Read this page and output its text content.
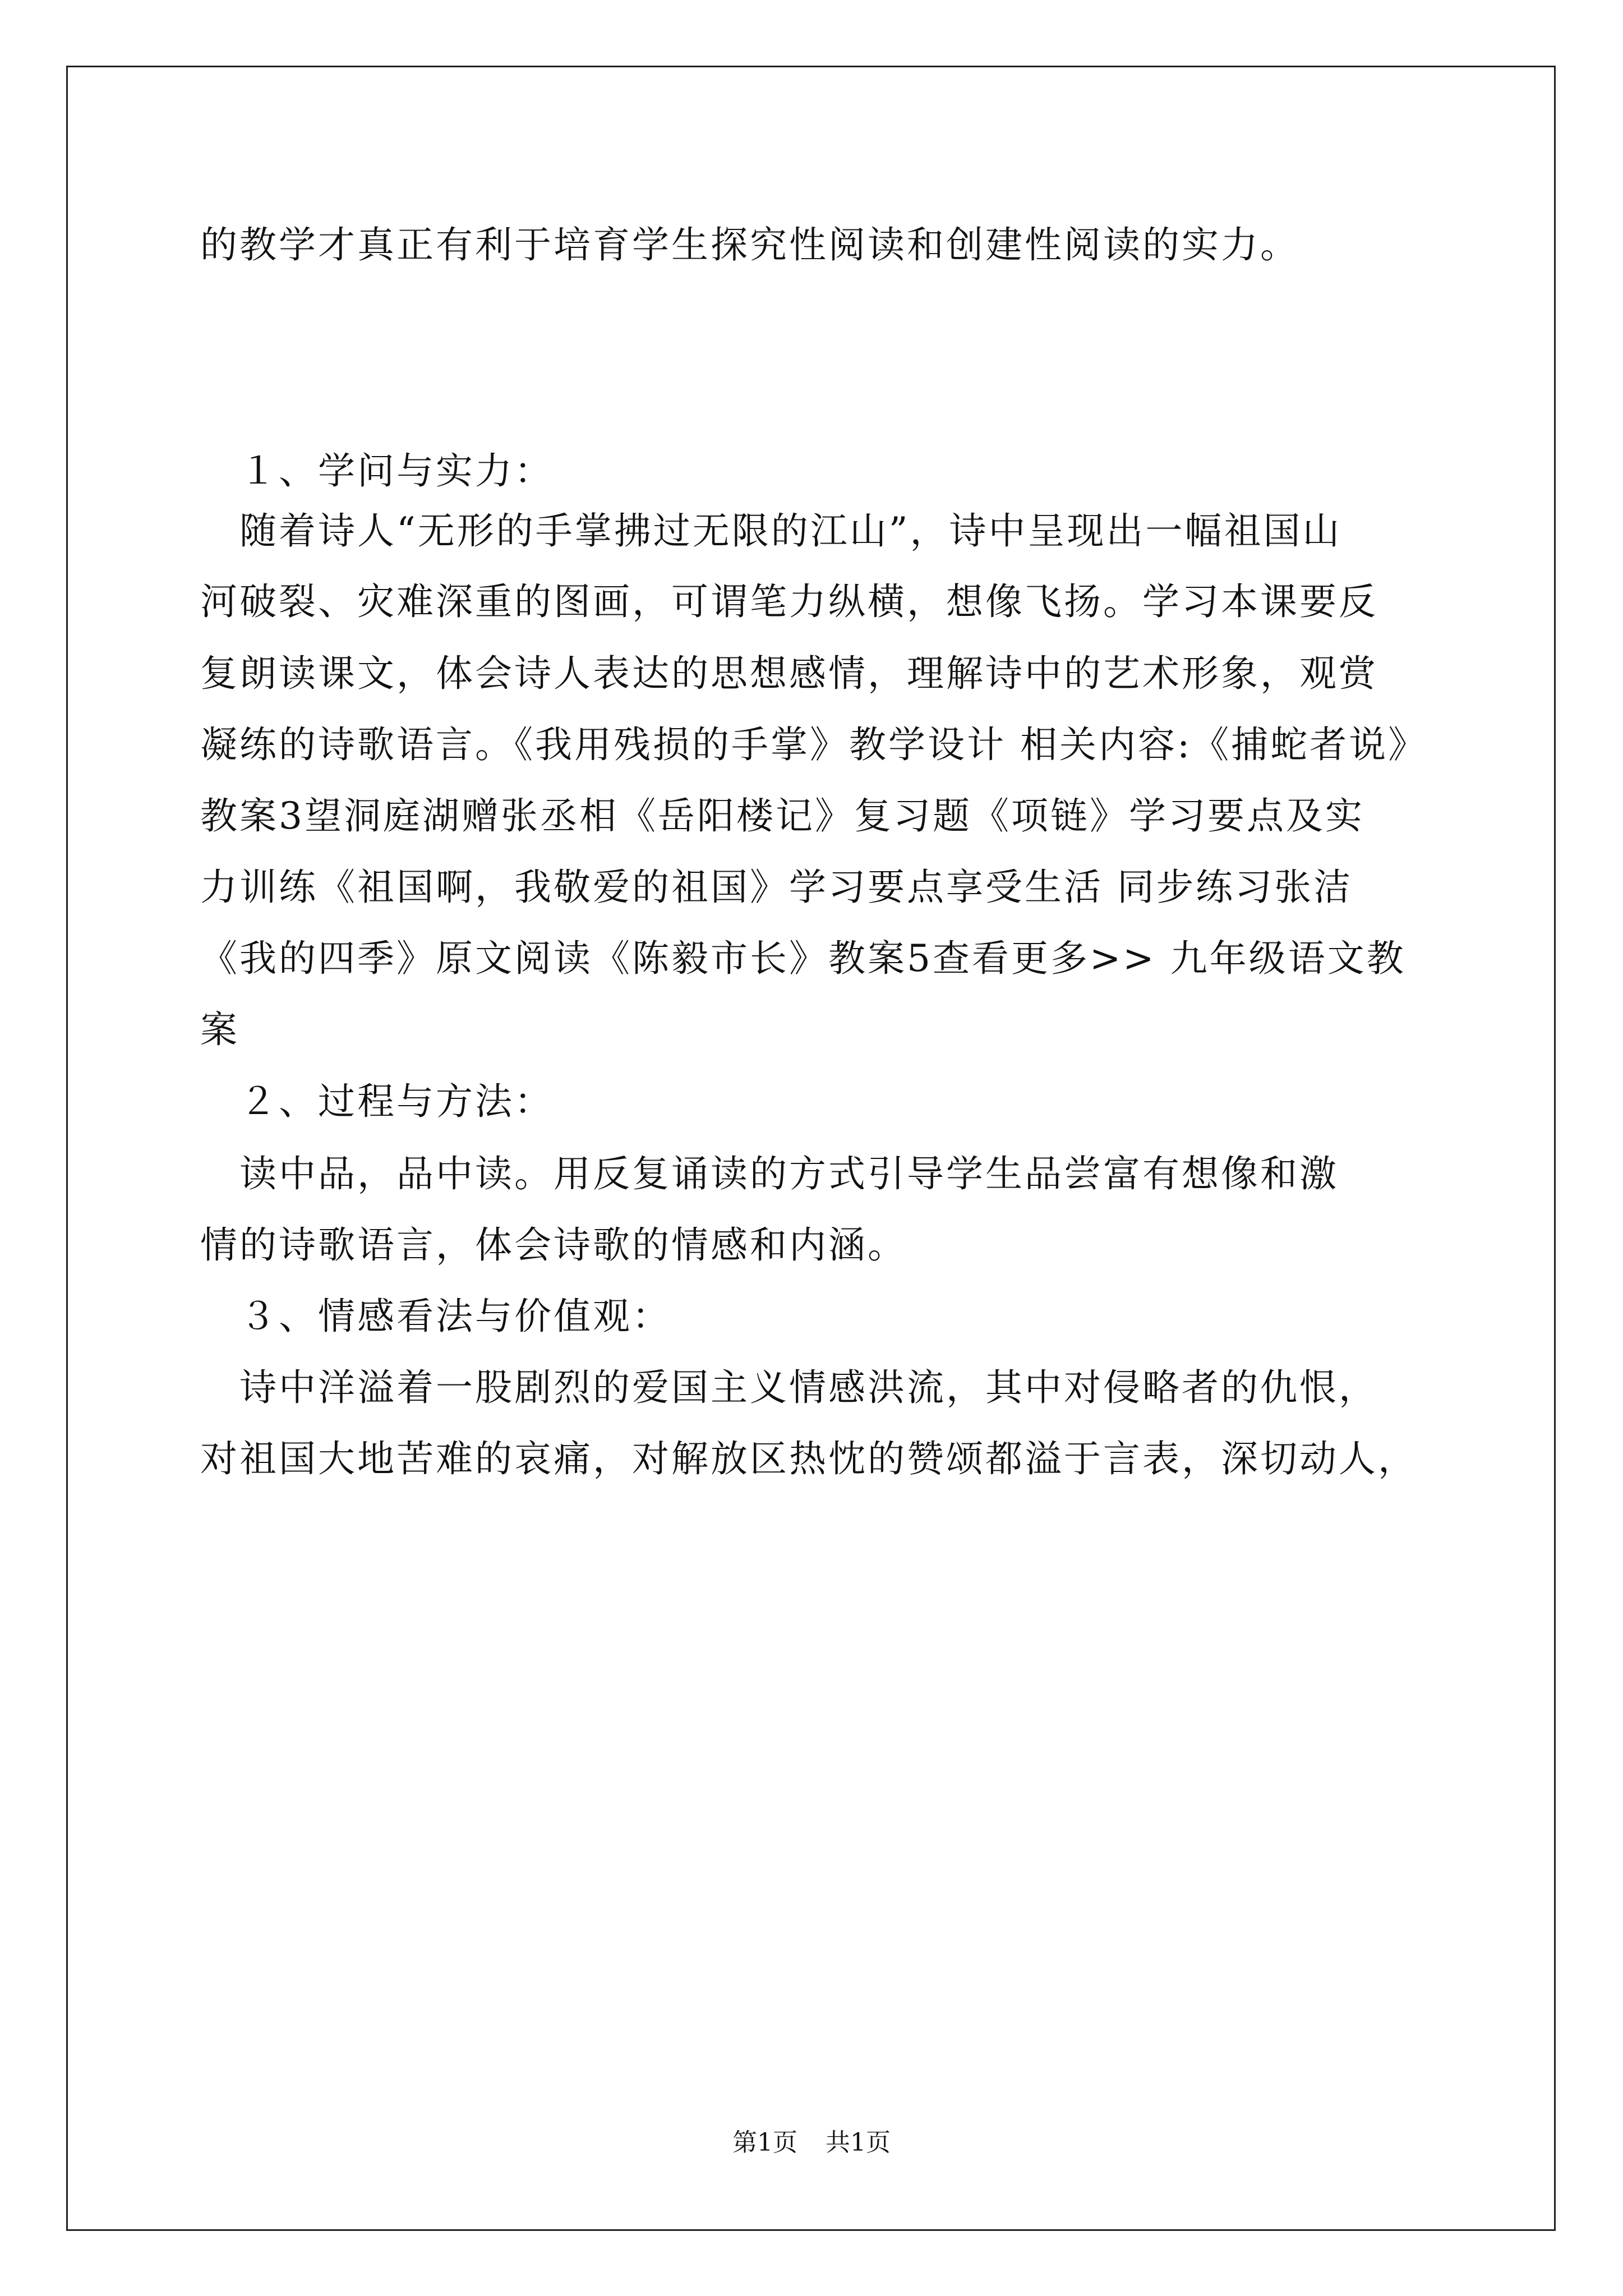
的教学才真正有利于培育学生探究性阅读和创建性阅读的实力。
　１、学问与实力：
　随着诗人“无形的手掌拂过无限的江山”，诗中呈现出一幅祖国山
河破裂、灾难深重的图画，可谓笔力纵横，想像飞扬。学习本课要反
复朗读课文，体会诗人表达的思想感情，理解诗中的艺术形象，观赏
凝练的诗歌语言。《我用残损的手掌》教学设计 相关内容:《捕蛇者说》
教案3望洞庭湖赠张丞相《岳阳楼记》复习题《项链》学习要点及实
力训练《祖国啊，我敬爱的祖国》学习要点享受生活 同步练习张洁
《我的四季》原文阅读《陈毅市长》教案5查看更多>> 九年级语文教
案
　２、过程与方法：
　读中品，品中读。用反复诵读的方式引导学生品尝富有想像和激
情的诗歌语言，体会诗歌的情感和内涵。
　３、情感看法与价值观：
　诗中洋溢着一股剧烈的爱国主义情感洪流，其中对侵略者的仇恨，
对祖国大地苦难的哀痛，对解放区热忱的赞颂都溢于言表，深切动人，
第1页 共1页
